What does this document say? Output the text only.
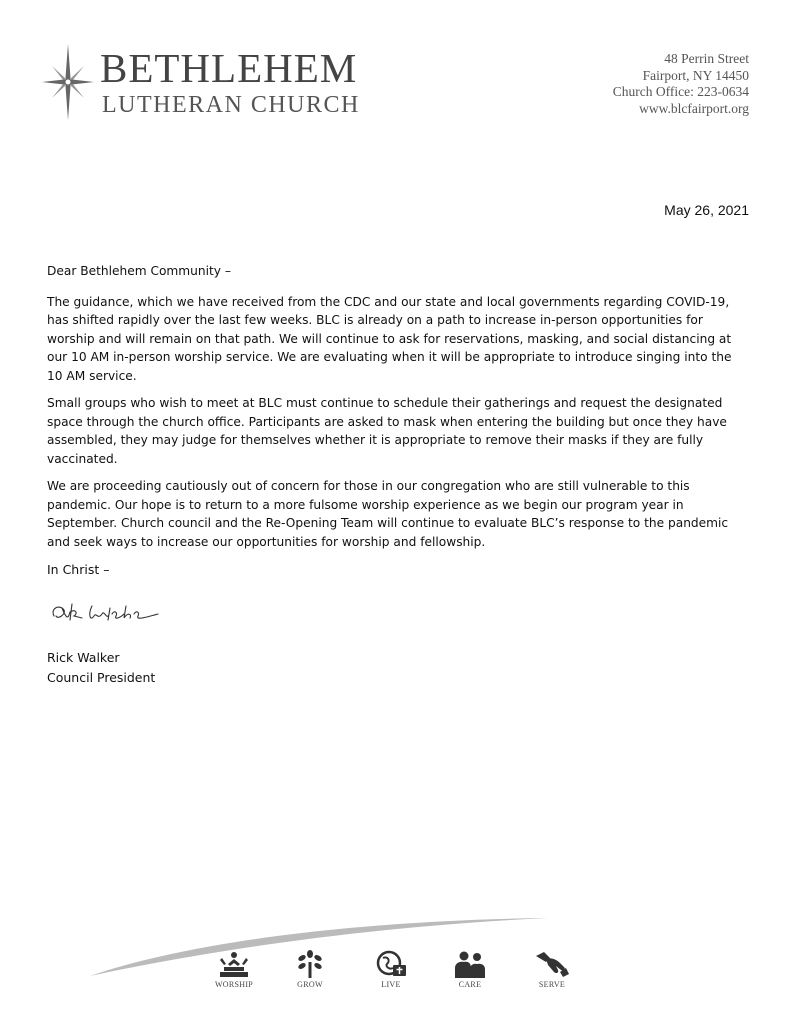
BETHLEHEM
LUTHERAN CHURCH
48 Perrin Street
Fairport, NY 14450
Church Office: 223-0634
www.blcfairport.org
May 26, 2021

Dear Bethlehem Community –

The guidance, which we have received from the CDC and our state and local governments regarding COVID-19, has shifted rapidly over the last few weeks. BLC is already on a path to increase in-person opportunities for worship and will remain on that path. We will continue to ask for reservations, masking, and social distancing at our 10 AM in-person worship service. We are evaluating when it will be appropriate to introduce singing into the 10 AM service.

Small groups who wish to meet at BLC must continue to schedule their gatherings and request the designated space through the church office. Participants are asked to mask when entering the building but once they have assembled, they may judge for themselves whether it is appropriate to remove their masks if they are fully vaccinated.

We are proceeding cautiously out of concern for those in our congregation who are still vulnerable to this pandemic. Our hope is to return to a more fulsome worship experience as we begin our program year in September. Church council and the Re-Opening Team will continue to evaluate BLC’s response to the pandemic and seek ways to increase our opportunities for worship and fellowship.

In Christ –
Rick Walker
Council President
WORSHIP	GROW	LIVE	CARE	SERVE
